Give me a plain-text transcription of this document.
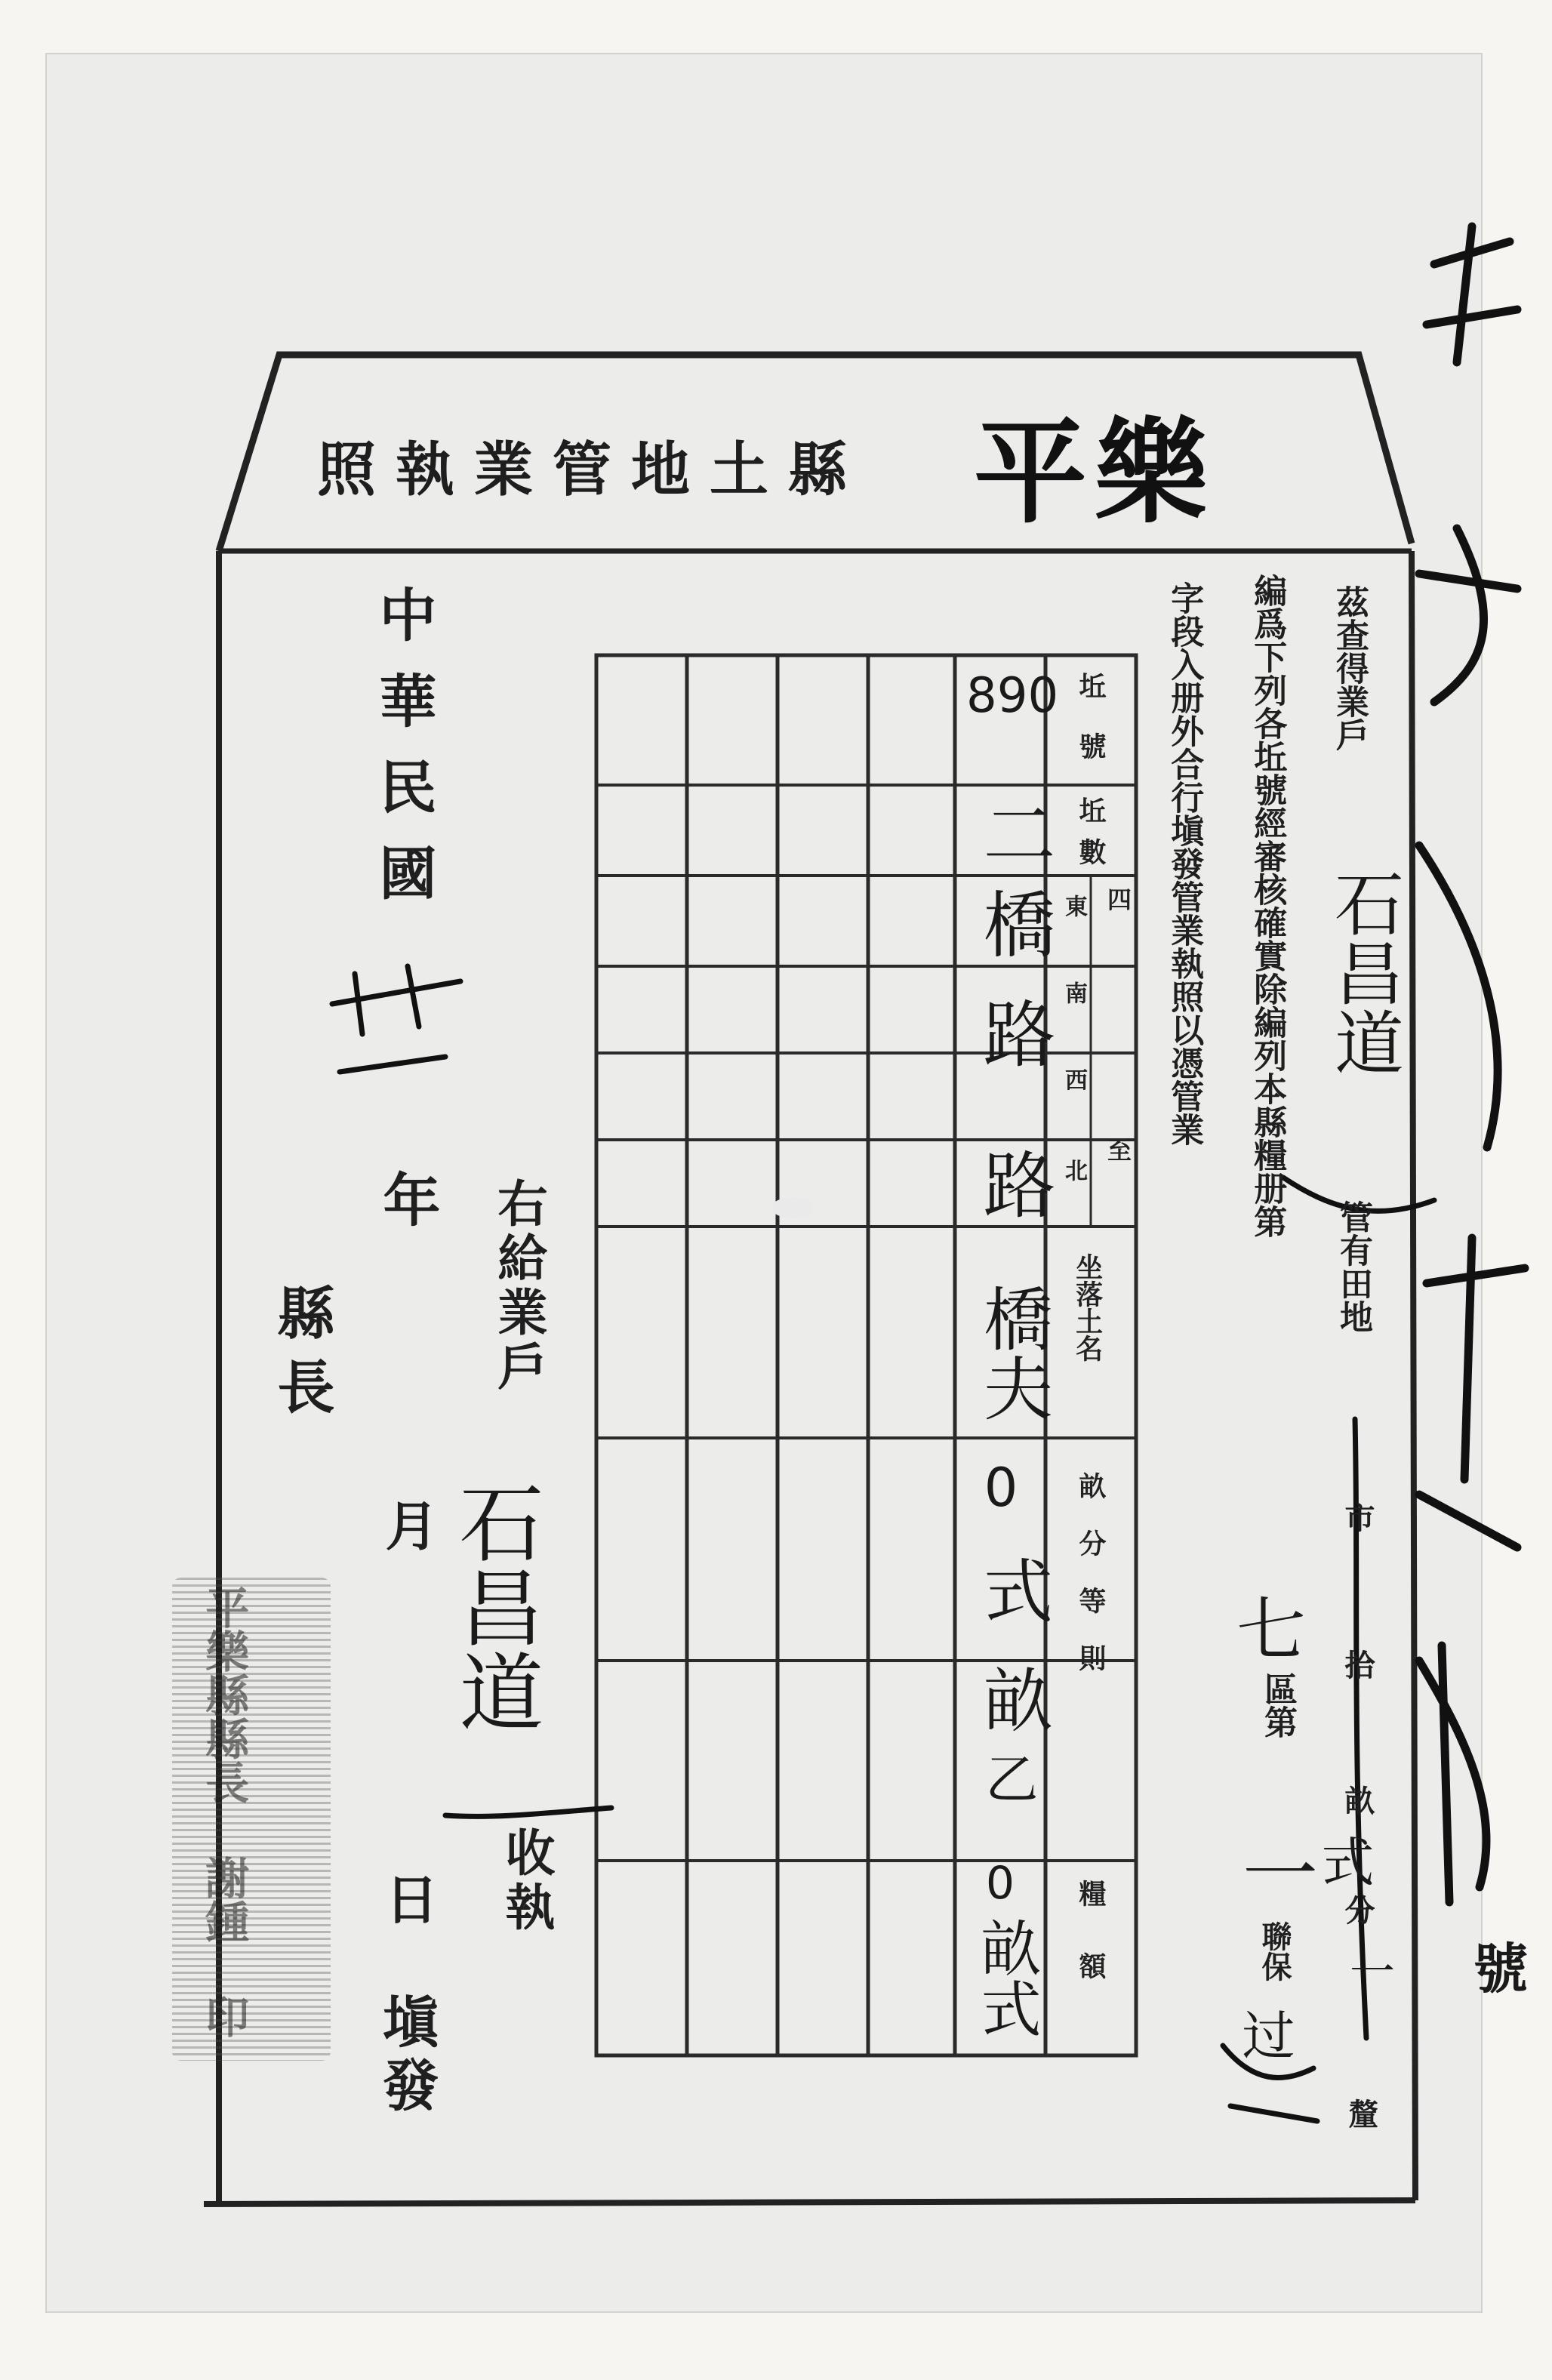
平樂
縣土地管業執照
號
茲查得業戶
石昌道
管有田地
市
拾
畝
式
分
一
釐
編爲下列各坵號經審核確實除編列本縣糧册第
七
區第
一
聯保
过
字段入册外合行塡發管業執照以憑管業
坵
號
坵
數
四至
東
南
西
北
坐落土名
畝分等則
糧額
890
二
橋
路
路
橋夫
0
式
畝
乙
0
畝式
右給業戶
石昌道
收執
中華民國
年
月
日
塡發
縣長
平樂縣縣長 謝鍾 印
